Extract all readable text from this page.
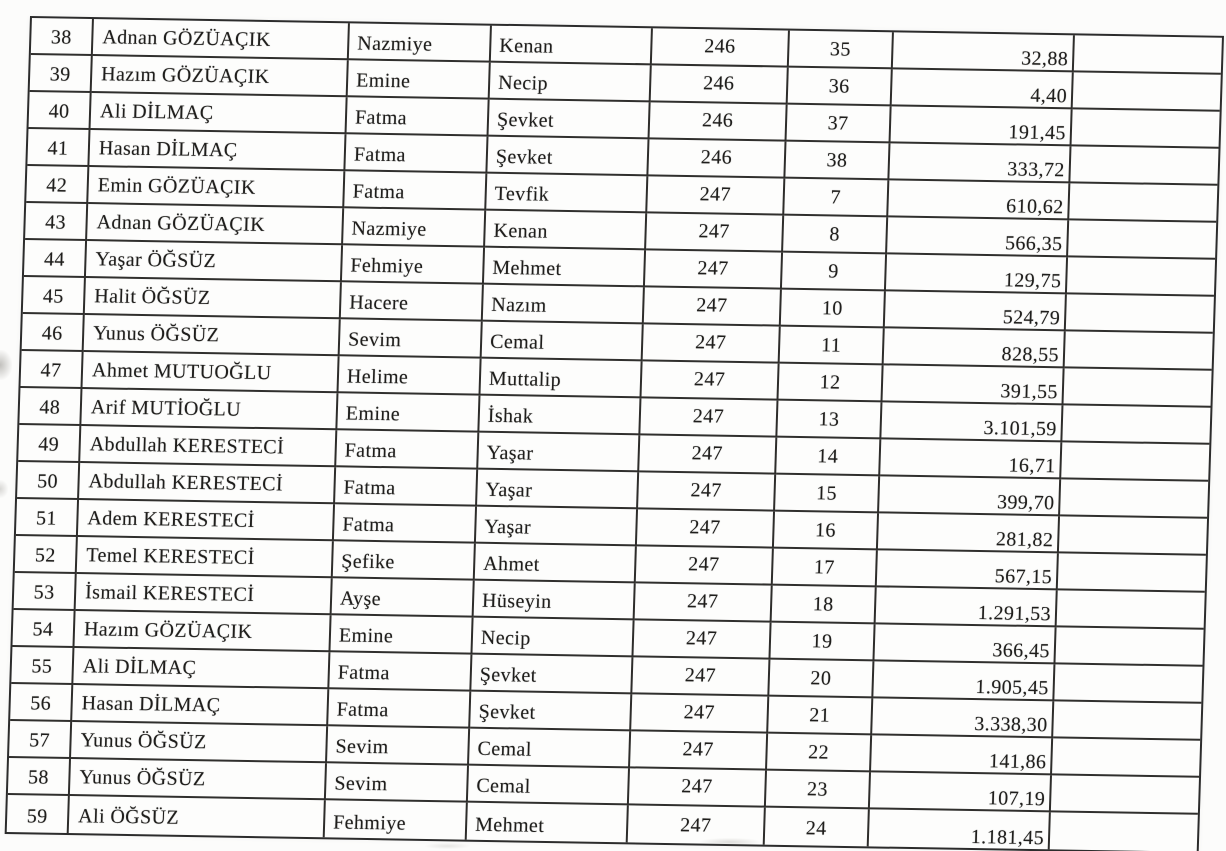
38	Adnan GÖZÜAÇIK	Nazmiye	Kenan	246	35	32,88
39	Hazım GÖZÜAÇIK	Emine	Necip	246	36	4,40
40	Ali DİLMAÇ	Fatma	Şevket	246	37	191,45
41	Hasan DİLMAÇ	Fatma	Şevket	246	38	333,72
42	Emin GÖZÜAÇIK	Fatma	Tevfik	247	7	610,62
43	Adnan GÖZÜAÇIK	Nazmiye	Kenan	247	8	566,35
44	Yaşar ÖĞSÜZ	Fehmiye	Mehmet	247	9	129,75
45	Halit ÖĞSÜZ	Hacere	Nazım	247	10	524,79
46	Yunus ÖĞSÜZ	Sevim	Cemal	247	11	828,55
47	Ahmet MUTUOĞLU	Helime	Muttalip	247	12	391,55
48	Arif MUTİOĞLU	Emine	İshak	247	13	3.101,59
49	Abdullah KERESTECİ	Fatma	Yaşar	247	14	16,71
50	Abdullah KERESTECİ	Fatma	Yaşar	247	15	399,70
51	Adem KERESTECİ	Fatma	Yaşar	247	16	281,82
52	Temel KERESTECİ	Şefike	Ahmet	247	17	567,15
53	İsmail KERESTECİ	Ayşe	Hüseyin	247	18	1.291,53
54	Hazım GÖZÜAÇIK	Emine	Necip	247	19	366,45
55	Ali DİLMAÇ	Fatma	Şevket	247	20	1.905,45
56	Hasan DİLMAÇ	Fatma	Şevket	247	21	3.338,30
57	Yunus ÖĞSÜZ	Sevim	Cemal	247	22	141,86
58	Yunus ÖĞSÜZ	Sevim	Cemal	247	23	107,19
59	Ali ÖĞSÜZ	Fehmiye	Mehmet	247	24	1.181,45
